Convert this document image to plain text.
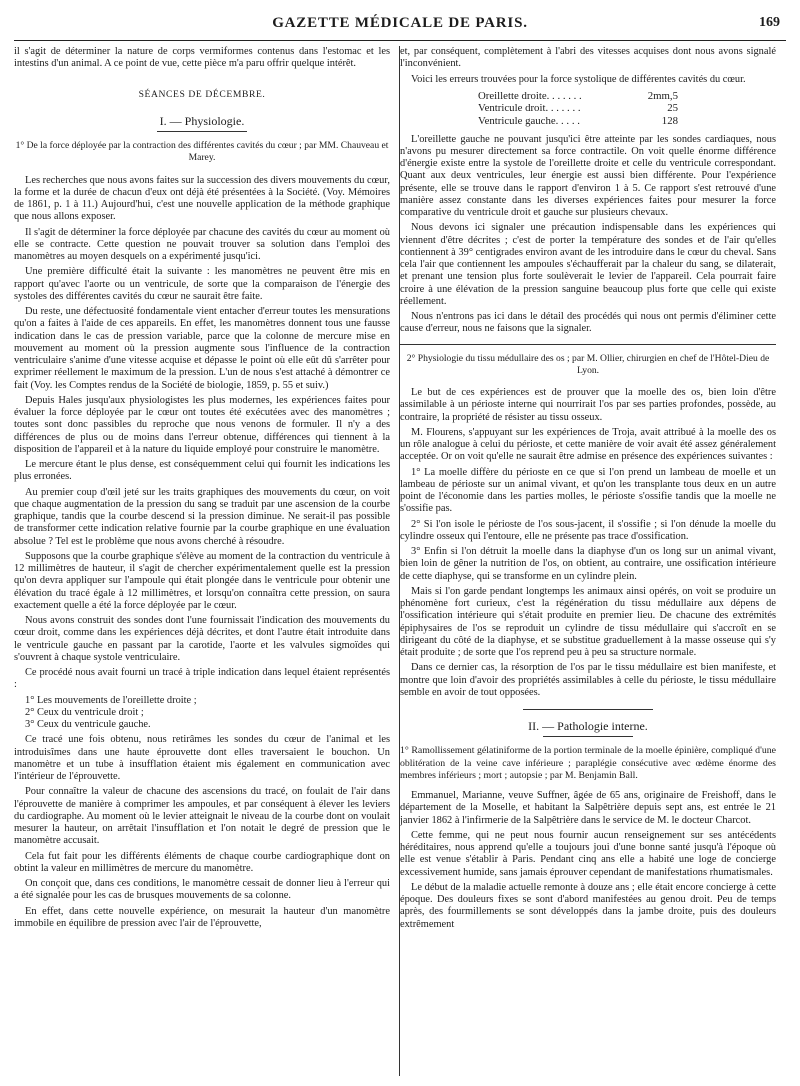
GAZETTE MÉDICALE DE PARIS.	169

il s'agit de déterminer la nature de corps vermiformes contenus dans l'estomac et les intestins d'un animal. A ce point de vue, cette pièce m'a paru offrir quelque intérêt.

SÉANCES DE DÉCEMBRE.
I. — Physiologie.
1° De la force déployée par la contraction des différentes cavités du cœur ; par MM. Chauveau et Marey.

Les recherches que nous avons faites sur la succession des divers mouvements du cœur, la forme et la durée de chacun d'eux ont déjà été présentées à la Société. (Voy. Mémoires de 1861, p. 1 à 11.) Aujourd'hui, c'est une nouvelle application de la méthode graphique que nous allons exposer.

Il s'agit de déterminer la force déployée par chacune des cavités du cœur au moment où elle se contracte. Cette question ne pouvait trouver sa solution dans l'emploi des manomètres au moyen desquels on a expérimenté jusqu'ici.

Une première difficulté était la suivante : les manomètres ne peuvent être mis en rapport qu'avec l'aorte ou un ventricule, de sorte que la comparaison de l'énergie des systoles des différentes cavités du cœur ne saurait être faite.

Du reste, une défectuosité fondamentale vient entacher d'erreur toutes les mensurations qu'on a faites à l'aide de ces appareils. En effet, les manomètres donnent tous une fausse indication dans le cas de pression variable, parce que la colonne de mercure mise en mouvement au moment où la pression augmente sous l'influence de la contraction ventriculaire s'anime d'une vitesse acquise et dépasse le point où elle eût dû s'arrêter pour exprimer réellement le maximum de la pression. L'un de nous s'est attaché à démontrer ce fait (Voy. les Comptes rendus de la Société de biologie, 1859, p. 55 et suiv.)

Depuis Hales jusqu'aux physiologistes les plus modernes, les expériences faites pour évaluer la force déployée par le cœur ont toutes été exécutées avec des manomètres ; toutes sont donc passibles du reproche que nous venons de formuler. Il n'y a des différences de plus ou de moins dans l'erreur obtenue, différences qui tiennent à la disposition de l'appareil et à la nature du liquide employé pour construire le manomètre.

Le mercure étant le plus dense, est conséquemment celui qui fournit les indications les plus erronées.

Au premier coup d'œil jeté sur les traits graphiques des mouvements du cœur, on voit que chaque augmentation de la pression du sang se traduit par une ascension de la courbe graphique, tandis que la courbe descend si la pression diminue. Ne serait-il pas possible de transformer cette indication relative fournie par la courbe graphique en une évaluation absolue ? Tel est le problème que nous avons cherché à résoudre.

Supposons que la courbe graphique s'élève au moment de la contraction du ventricule à 12 millimètres de hauteur, il s'agit de chercher expérimentalement quelle est la pression qu'on devra appliquer sur l'ampoule qui était plongée dans le ventricule pour obtenir une élévation du tracé égale à 12 millimètres, et lorsqu'on connaîtra cette pression, on saura exactement quelle a été la force déployée par le cœur.

Nous avons construit des sondes dont l'une fournissait l'indication des mouvements du cœur droit, comme dans les expériences déjà décrites, et dont l'autre était introduite dans le ventricule gauche en passant par la carotide, l'aorte et les valvules sigmoïdes qui s'ouvrent à chaque systole ventriculaire.

Ce procédé nous avait fourni un tracé à triple indication dans lequel étaient représentés :

1° Les mouvements de l'oreillette droite ;

2° Ceux du ventricule droit ;

3° Ceux du ventricule gauche.

Ce tracé une fois obtenu, nous retirâmes les sondes du cœur de l'animal et les introduisîmes dans une haute éprouvette dont elles traversaient le bouchon. Un manomètre et un tube à insufflation étaient mis également en communication avec l'intérieur de l'éprouvette.

Pour connaître la valeur de chacune des ascensions du tracé, on foulait de l'air dans l'éprouvette de manière à comprimer les ampoules, et par conséquent à élever les leviers du cardiographe. Au moment où le levier atteignait le niveau de la courbe dont on voulait mesurer la hauteur, on arrêtait l'insufflation et l'on notait le degré de pression que le manomètre accusait.

Cela fut fait pour les différents éléments de chaque courbe cardiographique dont on obtint la valeur en millimètres de mercure du manomètre.

On conçoit que, dans ces conditions, le manomètre cessait de donner lieu à l'erreur qui a été signalée pour les cas de brusques mouvements de sa colonne.

En effet, dans cette nouvelle expérience, on mesurait la hauteur d'un manomètre immobile en équilibre de pression avec l'air de l'éprouvette,

et, par conséquent, complètement à l'abri des vitesses acquises dont nous avons signalé l'inconvénient.

Voici les erreurs trouvées pour la force systolique de différentes cavités du cœur.

Oreillette droite. . . . . . .	2mm,5
Ventricule droit. . . . . . .	25
Ventricule gauche. . . . .	128

L'oreillette gauche ne pouvant jusqu'ici être atteinte par les sondes cardiaques, nous n'avons pu mesurer directement sa force contractile. On voit quelle énorme différence d'énergie existe entre la systole de l'oreillette droite et celle du ventricule correspondant. Quant aux deux ventricules, leur énergie est aussi bien différente. Pour l'expérience présente, elle se trouve dans le rapport d'environ 1 à 5. Ce rapport s'est retrouvé d'une manière assez constante dans les diverses expériences faites pour mesurer la force comparative du ventricule droit et gauche sur plusieurs chevaux.

Nous devons ici signaler une précaution indispensable dans les expériences qui viennent d'être décrites ; c'est de porter la température des sondes et de l'air qu'elles contiennent à 39° centigrades environ avant de les introduire dans le cœur du cheval. Sans cela l'air que contiennent les ampoules s'échaufferait par la chaleur du sang, se dilaterait, et prenant une tension plus forte soulèverait le levier de l'appareil. Cela pourrait faire croire à une élévation de la pression sanguine beaucoup plus forte que celle qui existe réellement.

Nous n'entrons pas ici dans le détail des procédés qui nous ont permis d'éliminer cette cause d'erreur, nous ne faisons que la signaler.

2° Physiologie du tissu médullaire des os ; par M. Ollier, chirurgien en chef de l'Hôtel-Dieu de Lyon.

Le but de ces expériences est de prouver que la moelle des os, bien loin d'être assimilable à un périoste interne qui nourrirait l'os par ses parties profondes, possède, au contraire, la propriété de résister au tissu osseux.

M. Flourens, s'appuyant sur les expériences de Troja, avait attribué à la moelle des os un rôle analogue à celui du périoste, et cette manière de voir avait été assez généralement acceptée. Or on voit qu'elle ne saurait être admise en présence des expériences suivantes :

1° La moelle diffère du périoste en ce que si l'on prend un lambeau de moelle et un lambeau de périoste sur un animal vivant, et qu'on les transplante tous deux en un autre point de l'économie dans les parties molles, le périoste s'ossifie tandis que la moelle ne s'ossifie pas.

2° Si l'on isole le périoste de l'os sous-jacent, il s'ossifie ; si l'on dénude la moelle du cylindre osseux qui l'entoure, elle ne présente pas trace d'ossification.

3° Enfin si l'on détruit la moelle dans la diaphyse d'un os long sur un animal vivant, bien loin de gêner la nutrition de l'os, on obtient, au contraire, une ossification intérieure de cette diaphyse, qui se transforme en un cylindre plein.

Mais si l'on garde pendant longtemps les animaux ainsi opérés, on voit se produire un phénomène fort curieux, c'est la régénération du tissu médullaire aux dépens de l'ossification intérieure qui s'était produite en premier lieu. De chacune des extrémités épiphysaires de l'os se reproduit un cylindre de tissu médullaire qui s'accroît en se dirigeant du côté de la diaphyse, et se substitue graduellement à la masse osseuse qui s'y était produite ; de sorte que l'os reprend peu à peu sa structure normale.

Dans ce dernier cas, la résorption de l'os par le tissu médullaire est bien manifeste, et montre que loin d'avoir des propriétés assimilables à celle du périoste, le tissu médullaire semble en avoir de tout opposées.

II. — Pathologie interne.
1° Ramollissement gélatiniforme de la portion terminale de la moelle épinière, compliqué d'une oblitération de la veine cave inférieure ; paraplégie consécutive avec œdème énorme des membres inférieurs ; mort ; autopsie ; par M. Benjamin Ball.

Emmanuel, Marianne, veuve Suffner, âgée de 65 ans, originaire de Freishoff, dans le département de la Moselle, et habitant la Salpêtrière depuis sept ans, est entrée le 21 janvier 1862 à l'infirmerie de la Salpêtrière dans le service de M. le docteur Charcot.

Cette femme, qui ne peut nous fournir aucun renseignement sur ses antécédents héréditaires, nous apprend qu'elle a toujours joui d'une bonne santé jusqu'à l'époque où elle est venue s'établir à Paris. Pendant cinq ans elle a habité une loge de concierge excessivement humide, sans jamais éprouver cependant de manifestations rhumatismales.

Le début de la maladie actuelle remonte à douze ans ; elle était encore concierge à cette époque. Des douleurs fixes se sont d'abord manifestées au genou droit. Peu de temps après, des fourmillements se sont développés dans la jambe droite, puis des douleurs extrêmement
